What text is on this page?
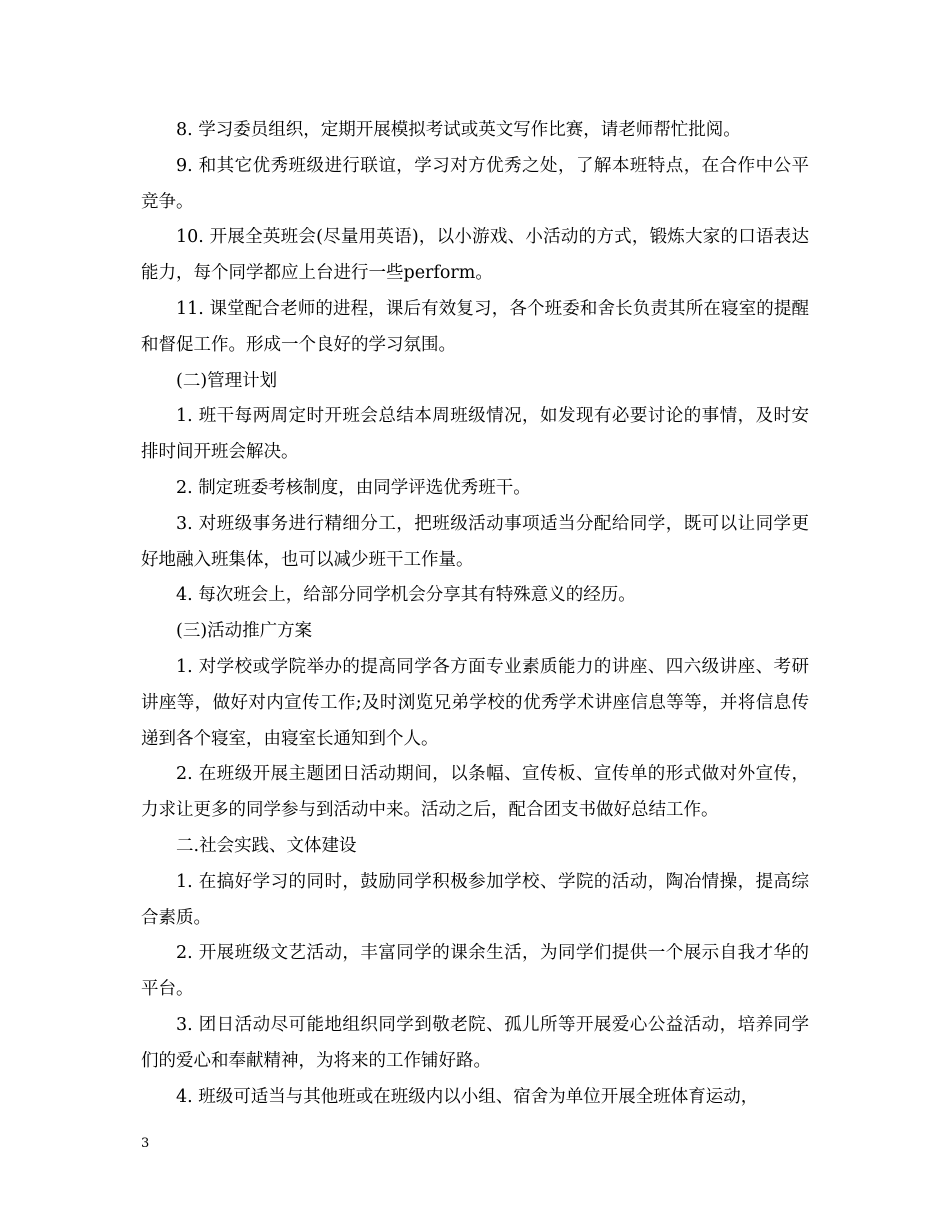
8. 学习委员组织，定期开展模拟考试或英文写作比赛，请老师帮忙批阅。

9. 和其它优秀班级进行联谊，学习对方优秀之处，了解本班特点，在合作中公平竞争。

10. 开展全英班会(尽量用英语)，以小游戏、小活动的方式，锻炼大家的口语表达能力，每个同学都应上台进行一些perform。

11. 课堂配合老师的进程，课后有效复习，各个班委和舍长负责其所在寝室的提醒和督促工作。形成一个良好的学习氛围。

(二)管理计划

1. 班干每两周定时开班会总结本周班级情况，如发现有必要讨论的事情，及时安排时间开班会解决。

2. 制定班委考核制度，由同学评选优秀班干。

3. 对班级事务进行精细分工，把班级活动事项适当分配给同学，既可以让同学更好地融入班集体，也可以减少班干工作量。

4. 每次班会上，给部分同学机会分享其有特殊意义的经历。

(三)活动推广方案

1. 对学校或学院举办的提高同学各方面专业素质能力的讲座、四六级讲座、考研讲座等，做好对内宣传工作;及时浏览兄弟学校的优秀学术讲座信息等等，并将信息传递到各个寝室，由寝室长通知到个人。

2. 在班级开展主题团日活动期间，以条幅、宣传板、宣传单的形式做对外宣传，力求让更多的同学参与到活动中来。活动之后，配合团支书做好总结工作。

二.社会实践、文体建设

1. 在搞好学习的同时，鼓励同学积极参加学校、学院的活动，陶冶情操，提高综合素质。

2. 开展班级文艺活动，丰富同学的课余生活，为同学们提供一个展示自我才华的平台。

3. 团日活动尽可能地组织同学到敬老院、孤儿所等开展爱心公益活动，培养同学们的爱心和奉献精神，为将来的工作铺好路。

4. 班级可适当与其他班或在班级内以小组、宿舍为单位开展全班体育运动，

3
